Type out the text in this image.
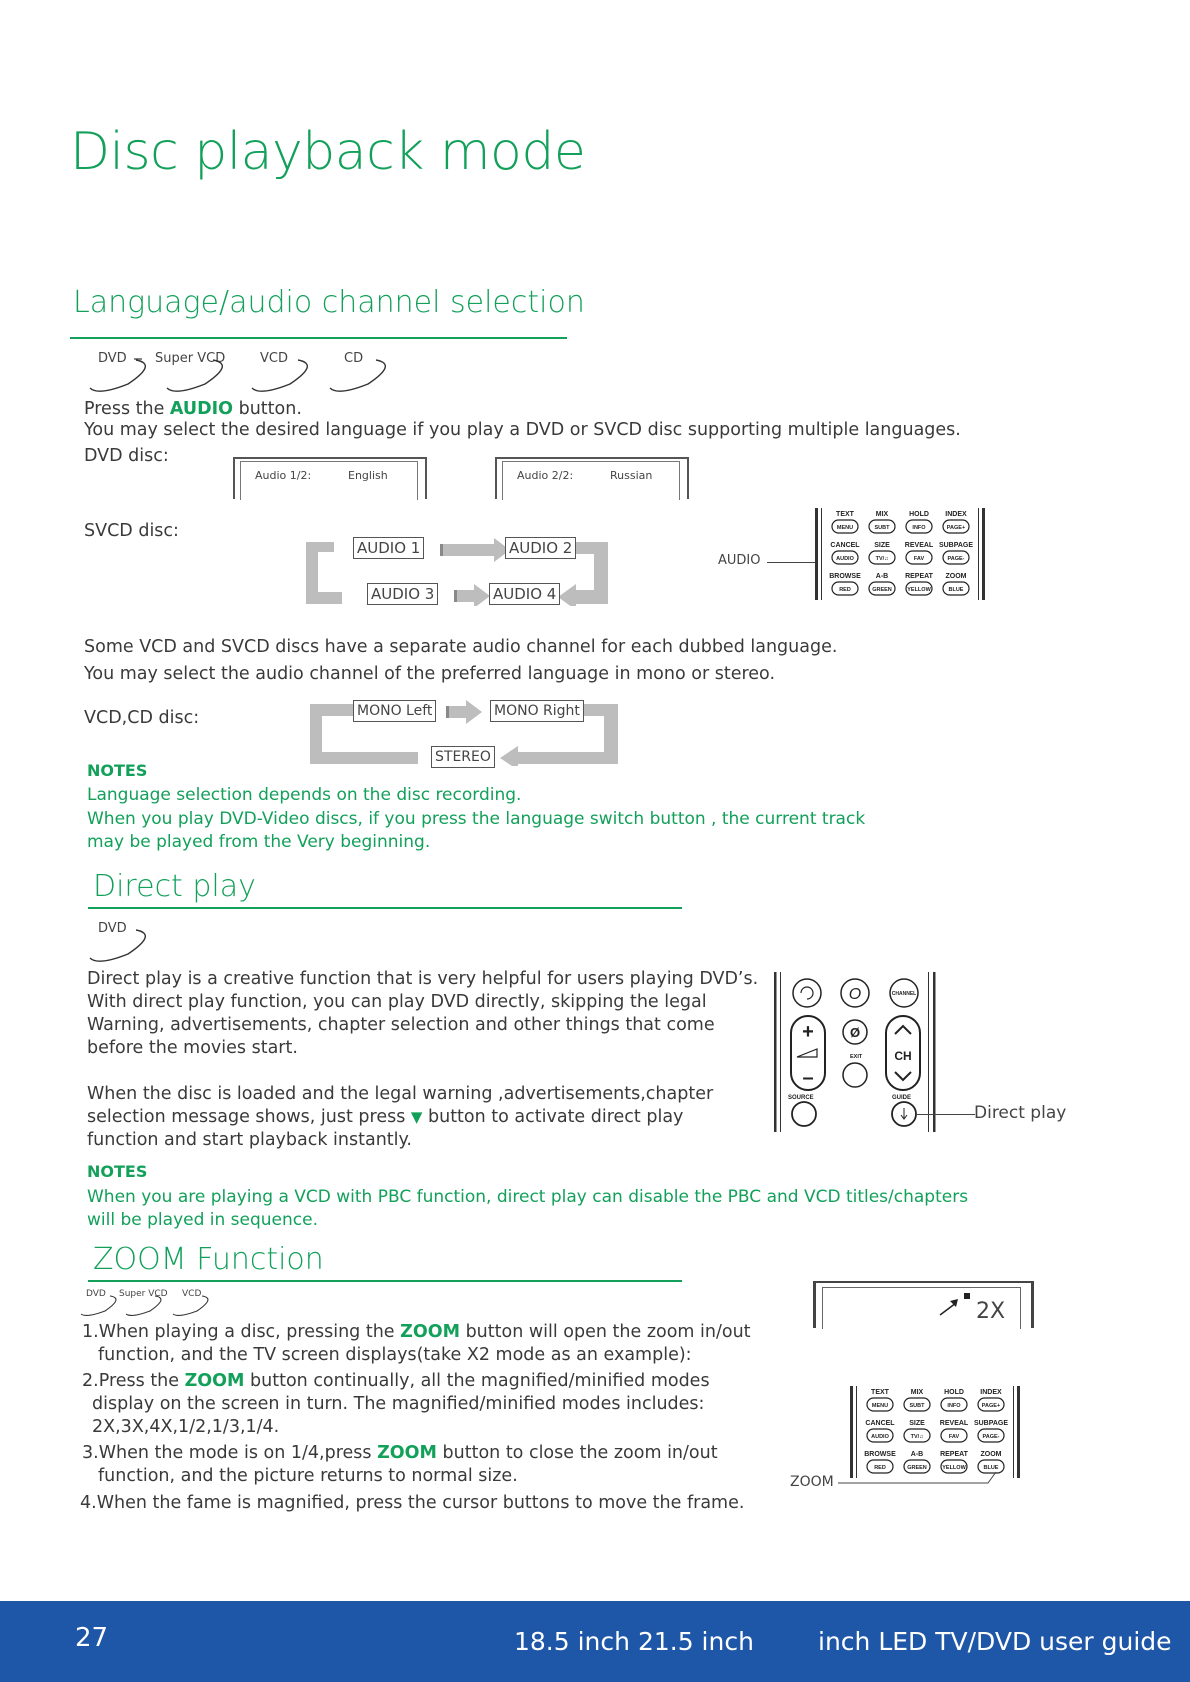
Disc playback mode
Language/audio channel selection
DVD Super VCD	VCD	CD
Press the AUDIO button.
You may select the desired language if you play a DVD or SVCD disc supporting multiple languages.
DVD disc:
Audio 1/2:	English	Audio 2/2:	Russian
SVCD disc:
AUDIO 1	AUDIO 2
AUDIO 3	AUDIO 4
AUDIO
TEXT	MIX	HOLD INDEX
CANCEL SIZE REVEAL SUBPAGE
BROWSE A-B REPEAT ZOOM
MENU	SUBT	INFO	PAGE+
AUDIO	TV/♫	FAV	PAGE-
RED	GREEN	YELLOW	BLUE
Some VCD and SVCD discs have a separate audio channel for each dubbed language.
You may select the audio channel of the preferred language in mono or stereo.
VCD,CD disc:	MONO Left	MONO Right
STEREO
NOTES
Language selection depends on the disc recording.
When you play DVD-Video discs, if you press the language switch button , the current track
may be played from the Very beginning.
Direct play
DVD
Direct play is a creative function that is very helpful for users playing DVD’s.
With direct play function, you can play DVD directly, skipping the legal
Warning, advertisements, chapter selection and other things that come
before the movies start.
When the disc is loaded and the legal warning ,advertisements,chapter
selection message shows, just press ▼ button to activate direct play
function and start playback instantly.
NOTES
When you are playing a VCD with PBC function, direct play can disable the PBC and VCD titles/chapters
will be played in sequence.
O	CHANNEL
+
–
Ø
EXIT	CH
SOURCE	GUIDE
Direct play
ZOOM Function
DVD Super VCD VCD
1.When playing a disc, pressing the ZOOM button will open the zoom in/out
function, and the TV screen displays(take X2 mode as an example):
2.Press the ZOOM button continually, all the magnified/minified modes
display on the screen in turn. The magnified/minified modes includes:
2X,3X,4X,1/2,1/3,1/4.
3.When the mode is on 1/4,press ZOOM button to close the zoom in/out
function, and the picture returns to normal size.
4.When the fame is magnified, press the cursor buttons to move the frame.
2X
TEXT	MIX	HOLD INDEX
CANCEL SIZE REVEAL SUBPAGE
BROWSE A-B REPEAT ZOOM
MENU	SUBT	INFO	PAGE+
AUDIO	TV/♫	FAV	PAGE-
RED	GREEN	YELLOW	BLUE
ZOOM
27	18.5 inch 21.5 inch	inch LED TV/DVD user guide
